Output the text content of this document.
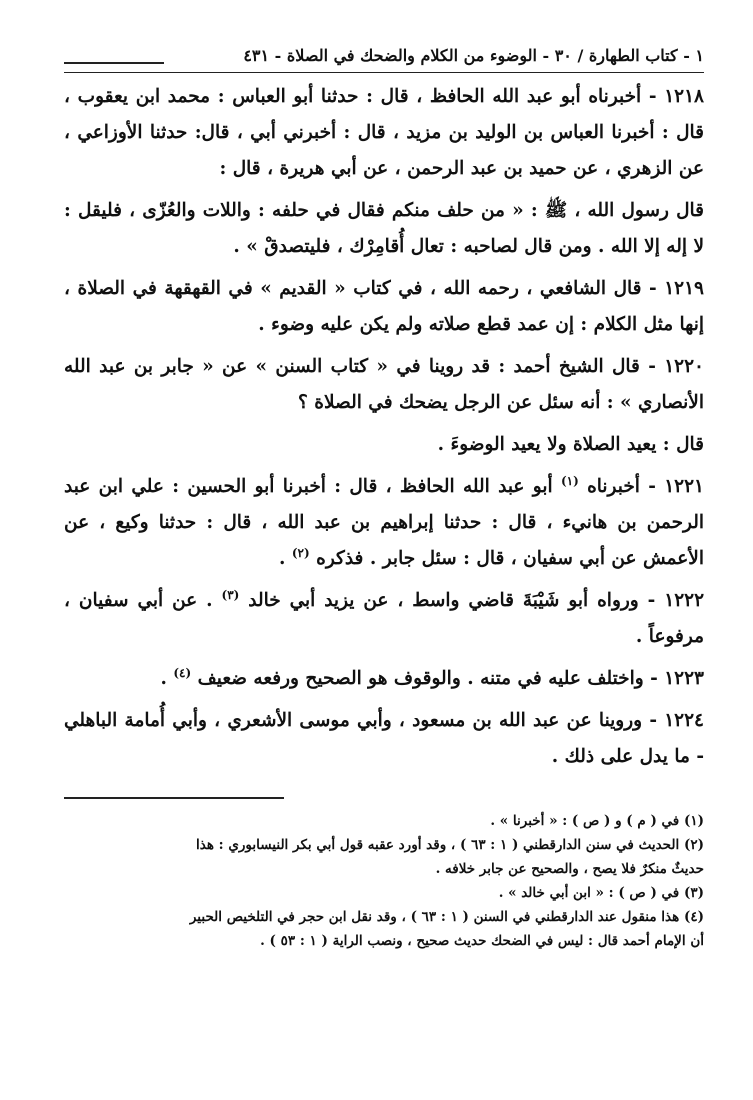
١ - كتاب الطهارة / ٣٠ - الوضوء من الكلام والضحك في الصلاة - ٤٣١

١٢١٨ - أخبرناه أبو عبد الله الحافظ ، قال : حدثنا أبو العباس : محمد ابن يعقوب ، قال : أخبرنا العباس بن الوليد بن مزيد ، قال : أخبرني أبي ، قال: حدثنا الأوزاعي ، عن الزهري ، عن حميد بن عبد الرحمن ، عن أبي هريرة ، قال :

قال رسول الله ، ﷺ : « من حلف منكم فقال في حلفه : واللات والعُزّى ، فليقل : لا إله إلا الله . ومن قال لصاحبه : تعال أُقامِرْك ، فليتصدقْ » .

١٢١٩ - قال الشافعي ، رحمه الله ، في كتاب « القديم » في القهقهة في الصلاة ، إنها مثل الكلام : إن عمد قطع صلاته ولم يكن عليه وضوء .

١٢٢٠ - قال الشيخ أحمد : قد روينا في « كتاب السنن » عن « جابر بن عبد الله الأنصاري » : أنه سئل عن الرجل يضحك في الصلاة ؟

قال : يعيد الصلاة ولا يعيد الوضوءَ .

١٢٢١ - أخبرناه $^{(١)}$ أبو عبد الله الحافظ ، قال : أخبرنا أبو الحسين : علي ابن عبد الرحمن بن هانيء ، قال : حدثنا إبراهيم بن عبد الله ، قال : حدثنا وكيع ، عن الأعمش عن أبي سفيان ، قال : سئل جابر . فذكره $^{(٢)}$ .

١٢٢٢ - ورواه أبو شَيْبَةَ قاضي واسط ، عن يزيد أبي خالد $^{(٣)}$ . عن أبي سفيان ، مرفوعاً .

١٢٢٣ - واختلف عليه في متنه . والوقوف هو الصحيح ورفعه ضعيف $^{(٤)}$ .

١٢٢٤ - وروينا عن عبد الله بن مسعود ، وأبي موسى الأشعري ، وأبي أُمامة الباهلي - ما يدل على ذلك .

(١) في ( م ) و ( ص ) : « أخبرنا » .

(٢) الحديث في سنن الدارقطني ( ١ : ٦٣ ) ، وقد أورد عقبه قول أبي بكر النيسابوري : هذا

حديثٌ منكرٌ فلا يصح ، والصحيح عن جابر خلافه .

(٣) في ( ص ) : « ابن أبي خالد » .

(٤) هذا منقول عند الدارقطني في السنن ( ١ : ٦٣ ) ، وقد نقل ابن حجر في التلخيص الحبير

أن الإمام أحمد قال : ليس في الضحك حديث صحيح ، ونصب الراية ( ١ : ٥٣ ) .
